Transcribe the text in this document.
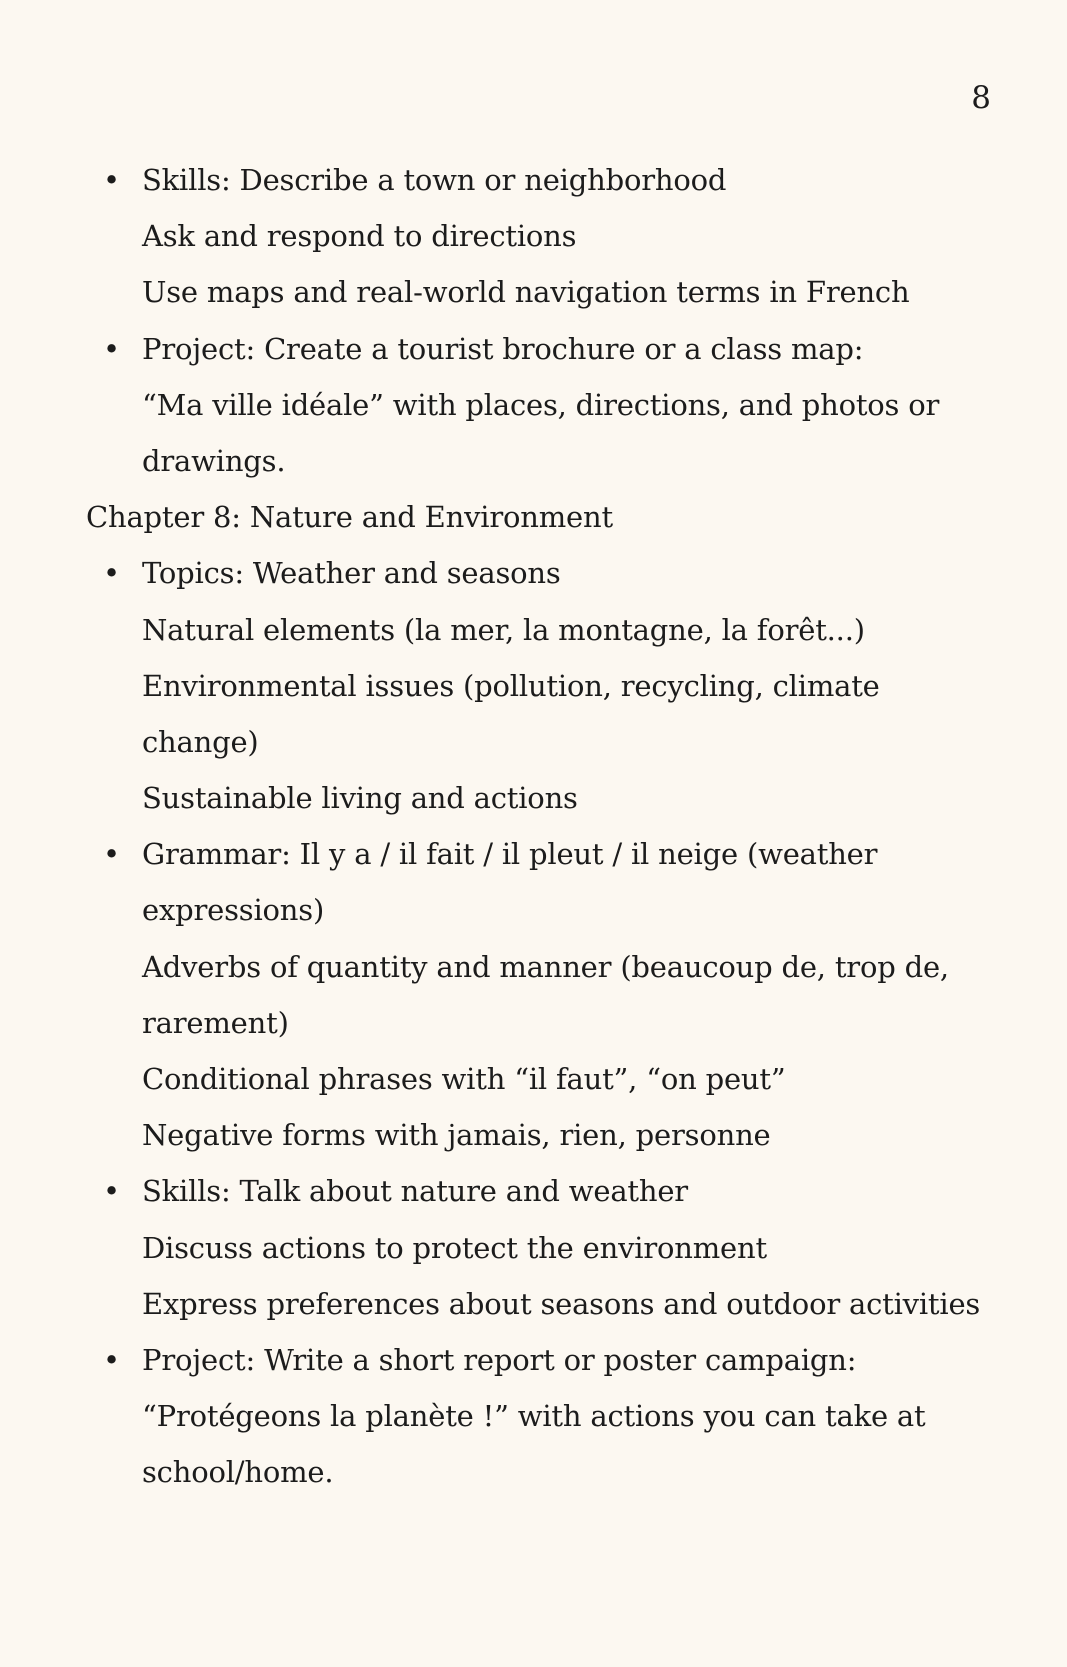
8
• Skills: Describe a town or neighborhood
Ask and respond to directions
Use maps and real-world navigation terms in French
• Project: Create a tourist brochure or a class map:
“Ma ville idéale” with places, directions, and photos or
drawings.
Chapter 8: Nature and Environment
• Topics: Weather and seasons
Natural elements (la mer, la montagne, la forêt...)
Environmental issues (pollution, recycling, climate
change)
Sustainable living and actions
• Grammar: Il y a / il fait / il pleut / il neige (weather
expressions)
Adverbs of quantity and manner (beaucoup de, trop de,
rarement)
Conditional phrases with “il faut”, “on peut”
Negative forms with jamais, rien, personne
• Skills: Talk about nature and weather
Discuss actions to protect the environment
Express preferences about seasons and outdoor activities
• Project: Write a short report or poster campaign:
“Protégeons la planète !” with actions you can take at
school/home.
